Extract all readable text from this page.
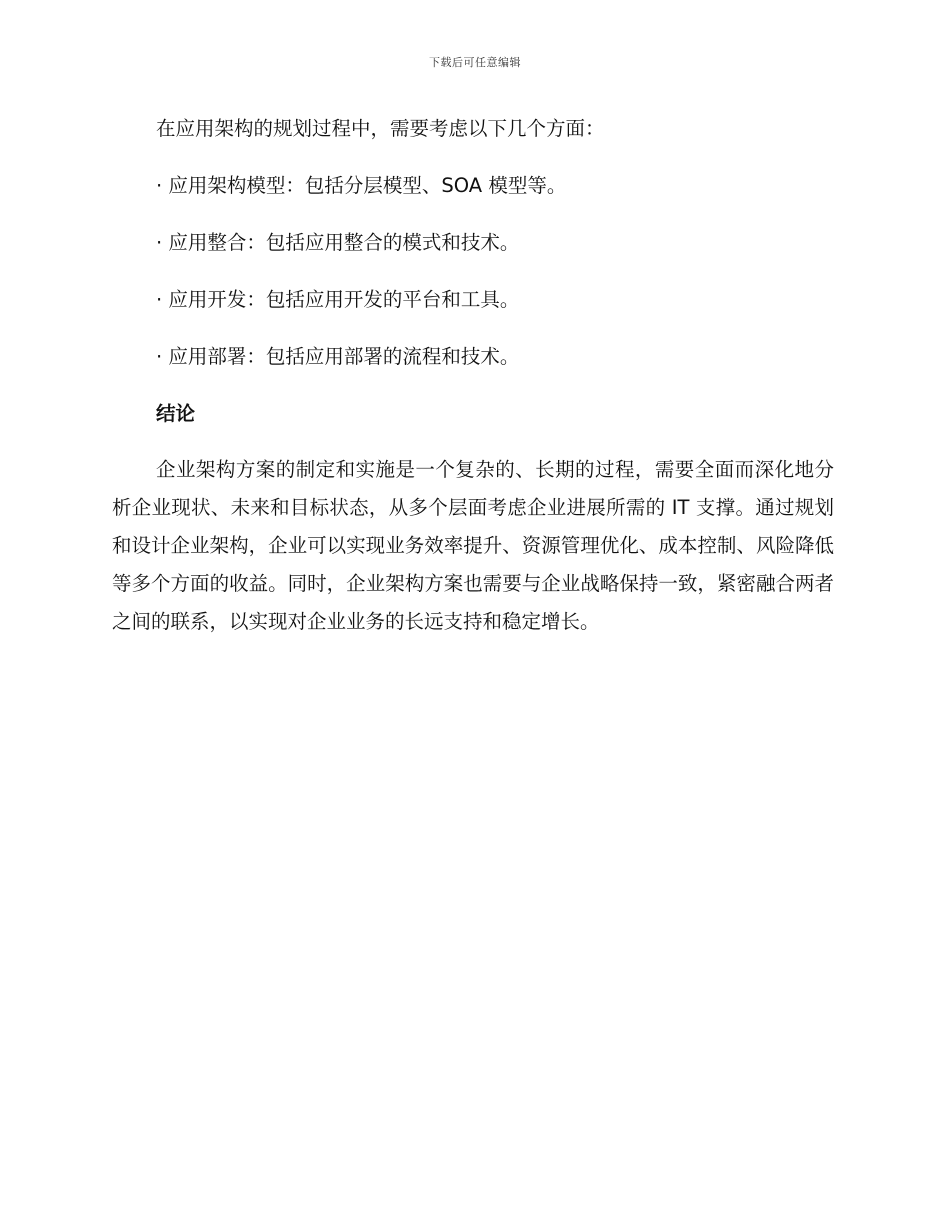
下载后可任意编辑

在应用架构的规划过程中，需要考虑以下几个方面：

· 应用架构模型：包括分层模型、SOA 模型等。

· 应用整合：包括应用整合的模式和技术。

· 应用开发：包括应用开发的平台和工具。

· 应用部署：包括应用部署的流程和技术。

结论

企业架构方案的制定和实施是一个复杂的、长期的过程，需要全面而深化地分析企业现状、未来和目标状态，从多个层面考虑企业进展所需的 IT 支撑。通过规划和设计企业架构，企业可以实现业务效率提升、资源管理优化、成本控制、风险降低等多个方面的收益。同时，企业架构方案也需要与企业战略保持一致，紧密融合两者之间的联系，以实现对企业业务的长远支持和稳定增长。
